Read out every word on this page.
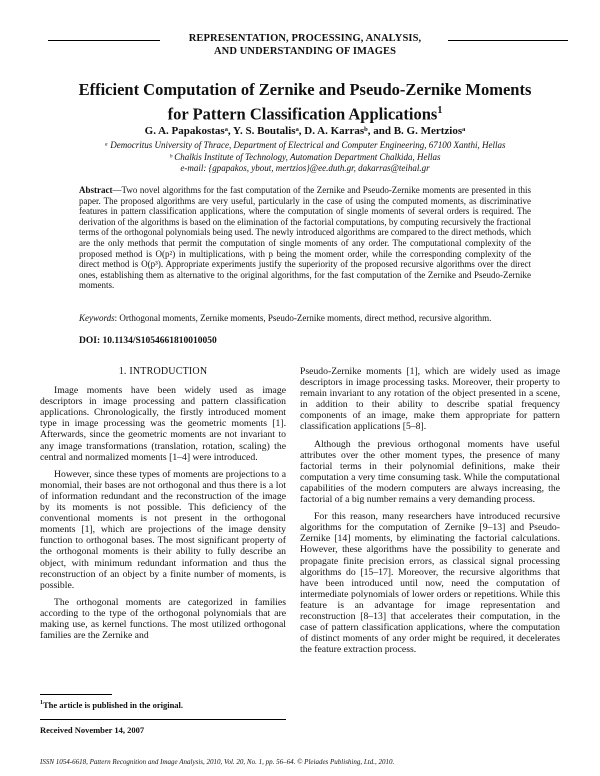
REPRESENTATION, PROCESSING, ANALYSIS,
AND UNDERSTANDING OF IMAGES
Efficient Computation of Zernike and Pseudo-Zernike Moments
for Pattern Classification Applications$^1$
G. A. Papakostasᵃ, Y. S. Boutalisᵃ, D. A. Karrasᵇ, and B. G. Mertziosᵃ
ᵃ Democritus University of Thrace, Department of Electrical and Computer Engineering, 67100 Xanthi, Hellas
ᵇ Chalkis Institute of Technology, Automation Department Chalkida, Hellas
e-mail: {gpapakos, ybout, mertzios}@ee.duth.gr, dakarras@teihal.gr
Abstract—Two novel algorithms for the fast computation of the Zernike and Pseudo-Zernike moments are presented in this paper. The proposed algorithms are very useful, particularly in the case of using the computed moments, as discriminative features in pattern classification applications, where the computation of single moments of several orders is required. The derivation of the algorithms is based on the elimination of the factorial computations, by computing recursively the fractional terms of the orthogonal polynomials being used. The newly introduced algorithms are compared to the direct methods, which are the only methods that permit the computation of single moments of any order. The computational complexity of the proposed method is O(p²) in multiplications, with p being the moment order, while the corresponding complexity of the direct method is O(p³). Appropriate experiments justify the superiority of the proposed recursive algorithms over the direct ones, establishing them as alternative to the original algorithms, for the fast computation of the Zernike and Pseudo-Zernike moments.
Keywords: Orthogonal moments, Zernike moments, Pseudo-Zernike moments, direct method, recursive algorithm.
DOI: 10.1134/S1054661810010050
1. INTRODUCTION

Image moments have been widely used as image descriptors in image processing and pattern classification applications. Chronologically, the firstly introduced moment type in image processing was the geometric moments [1]. Afterwards, since the geometric moments are not invariant to any image transformations (translation, rotation, scaling) the central and normalized moments [1–4] were introduced.

However, since these types of moments are projections to a monomial, their bases are not orthogonal and thus there is a lot of information redundant and the reconstruction of the image by its moments is not possible. This deficiency of the conventional moments is not present in the orthogonal moments [1], which are projections of the image density function to orthogonal bases. The most significant property of the orthogonal moments is their ability to fully describe an object, with minimum redundant information and thus the reconstruction of an object by a finite number of moments, is possible.

The orthogonal moments are categorized in families according to the type of the orthogonal polynomials that are making use, as kernel functions. The most utilized orthogonal families are the Zernike and

Pseudo-Zernike moments [1], which are widely used as image descriptors in image processing tasks. Moreover, their property to remain invariant to any rotation of the object presented in a scene, in addition to their ability to describe spatial frequency components of an image, make them appropriate for pattern classification applications [5–8].

Although the previous orthogonal moments have useful attributes over the other moment types, the presence of many factorial terms in their polynomial definitions, make their computation a very time consuming task. While the computational capabilities of the modern computers are always increasing, the factorial of a big number remains a very demanding process.

For this reason, many researchers have introduced recursive algorithms for the computation of Zernike [9–13] and Pseudo-Zernike [14] moments, by eliminating the factorial calculations. However, these algorithms have the possibility to generate and propagate finite precision errors, as classical signal processing algorithms do [15–17]. Moreover, the recursive algorithms that have been introduced until now, need the computation of intermediate polynomials of lower orders or repetitions. While this feature is an advantage for image representation and reconstruction [8–13] that accelerates their computation, in the case of pattern classification applications, where the computation of distinct moments of any order might be required, it decelerates the feature extraction process.

$^1$The article is published in the original.
Received November 14, 2007
ISSN 1054-6618, Pattern Recognition and Image Analysis, 2010, Vol. 20, No. 1, pp. 56–64. © Pleiades Publishing, Ltd., 2010.
